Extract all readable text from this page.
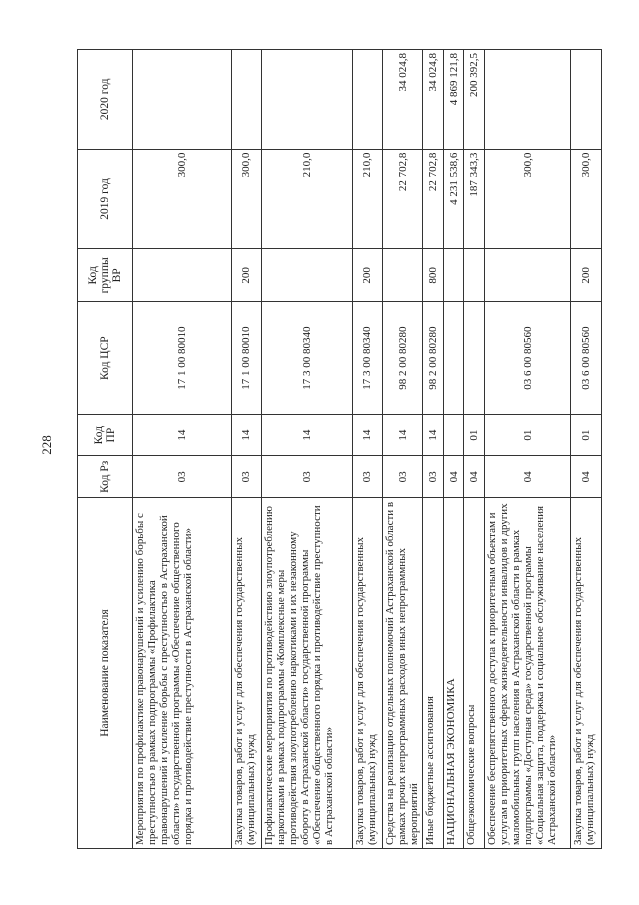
228
Наименование показателя	Код Рз	Код ПР	Код ЦСР	Код группы ВР	2019 год	2020 год
Мероприятия по профилактике правонарушений и усилению борьбы с преступностью в рамках подпрограммы «Профилактика правонарушений и усиление борьбы с преступностью в Астраханской области» государственной программы «Обеспечение общественного порядка и противодействие преступности в Астраханской области»	03	14	17 1 00 80010		300,0	
Закупка товаров, работ и услуг для обеспечения государственных (муниципальных) нужд	03	14	17 1 00 80010	200	300,0	
Профилактические мероприятия по противодействию злоупотреблению наркотиками в рамках подпрограммы «Комплексные меры противодействия злоупотреблению наркотиками и их незаконному обороту в Астраханской области» государственной программы «Обеспечение общественного порядка и противодействие преступности в Астраханской области»	03	14	17 3 00 80340		210,0	
Закупка товаров, работ и услуг для обеспечения государственных (муниципальных) нужд	03	14	17 3 00 80340	200	210,0	
Средства на реализацию отдельных полномочий Астраханской области в рамках прочих непрограммных расходов иных непрограммных мероприятий	03	14	98 2 00 80280		22 702,8	34 024,8
Иные бюджетные ассигнования	03	14	98 2 00 80280	800	22 702,8	34 024,8
НАЦИОНАЛЬНАЯ ЭКОНОМИКА	04				4 231 538,6	4 869 121,8
Общеэкономические вопросы	04	01			187 343,3	200 392,5
Обеспечение беспрепятственного доступа к приоритетным объектам и услугам в приоритетных сферах жизнедеятельности инвалидов и других маломобильных групп населения в Астраханской области в рамках подпрограммы «Доступная среда» государственной программы «Социальная защита, поддержка и социальное обслуживание населения Астраханской области»	04	01	03 6 00 80560		300,0	
Закупка товаров, работ и услуг для обеспечения государственных (муниципальных) нужд	04	01	03 6 00 80560	200	300,0	
